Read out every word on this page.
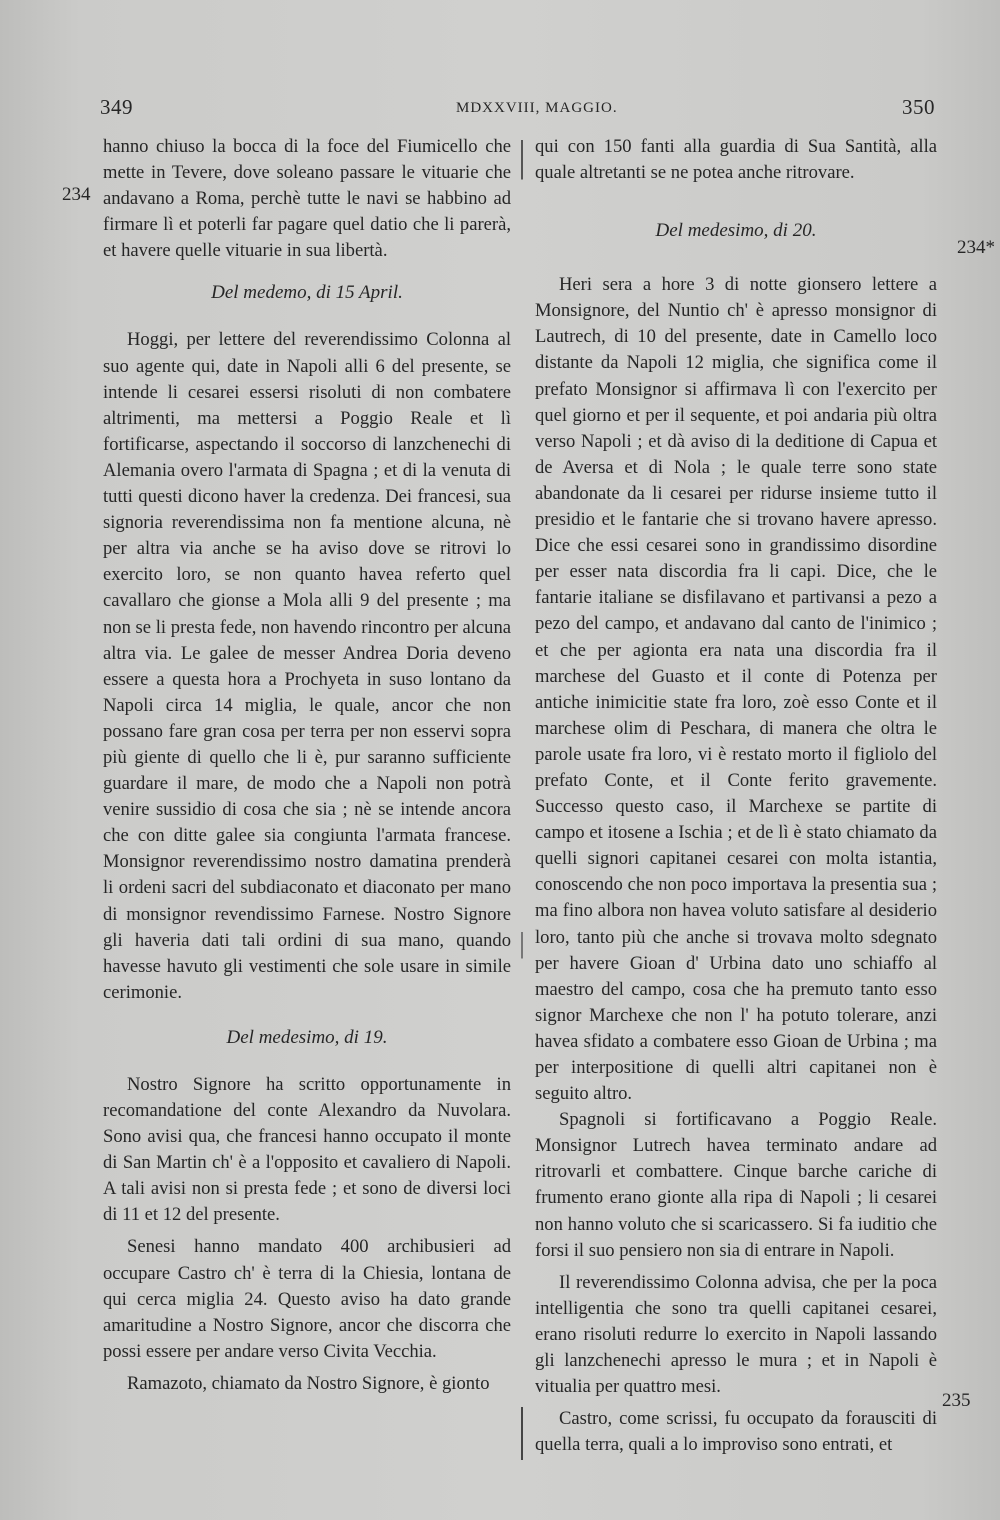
349	MDXXVIII, MAGGIO.	350
234
234*
235

hanno chiuso la bocca di la foce del Fiumicello che mette in Tevere, dove soleano passare le vituarie che andavano a Roma, perchè tutte le navi se habbino ad firmare lì et poterli far pagare quel datio che li parerà, et havere quelle vituarie in sua libertà.

Del medemo, di 15 April.

Hoggi, per lettere del reverendissimo Colonna al suo agente qui, date in Napoli alli 6 del presente, se intende li cesarei essersi risoluti di non combatere altrimenti, ma mettersi a Poggio Reale et lì fortificarse, aspectando il soccorso di lanzchenechi di Alemania overo l'armata di Spagna ; et di la venuta di tutti questi dicono haver la credenza. Dei francesi, sua signoria reverendissima non fa mentione alcuna, nè per altra via anche se ha aviso dove se ritrovi lo exercito loro, se non quanto havea referto quel cavallaro che gionse a Mola alli 9 del presente ; ma non se li presta fede, non havendo rincontro per alcuna altra via. Le galee de messer Andrea Doria deveno essere a questa hora a Prochyeta in suso lontano da Napoli circa 14 miglia, le quale, ancor che non possano fare gran cosa per terra per non esservi sopra più giente di quello che li è, pur saranno sufficiente guardare il mare, de modo che a Napoli non potrà venire sussidio di cosa che sia ; nè se intende ancora che con ditte galee sia congiunta l'armata francese. Monsignor reverendissimo nostro damatina prenderà li ordeni sacri del subdiaconato et diaconato per mano di monsignor revendissimo Farnese. Nostro Signore gli haveria dati tali ordini di sua mano, quando havesse havuto gli vestimenti che sole usare in simile cerimonie.

Del medesimo, di 19.

Nostro Signore ha scritto opportunamente in recomandatione del conte Alexandro da Nuvolara. Sono avisi qua, che francesi hanno occupato il monte di San Martin ch' è a l'opposito et cavaliero di Napoli. A tali avisi non si presta fede ; et sono de diversi loci di 11 et 12 del presente.

Senesi hanno mandato 400 archibusieri ad occupare Castro ch' è terra di la Chiesia, lontana de qui cerca miglia 24. Questo aviso ha dato grande amaritudine a Nostro Signore, ancor che discorra che possi essere per andare verso Civita Vecchia.

Ramazoto, chiamato da Nostro Signore, è gionto

qui con 150 fanti alla guardia di Sua Santità, alla quale altretanti se ne potea anche ritrovare.

Del medesimo, di 20.

Heri sera a hore 3 di notte gionsero lettere a Monsignore, del Nuntio ch' è apresso monsignor di Lautrech, di 10 del presente, date in Camello loco distante da Napoli 12 miglia, che significa come il prefato Monsignor si affirmava lì con l'exercito per quel giorno et per il sequente, et poi andaria più oltra verso Napoli ; et dà aviso di la deditione di Capua et de Aversa et di Nola ; le quale terre sono state abandonate da li cesarei per ridurse insieme tutto il presidio et le fantarie che si trovano havere apresso. Dice che essi cesarei sono in grandissimo disordine per esser nata discordia fra li capi. Dice, che le fantarie italiane se disfilavano et partivansi a pezo a pezo del campo, et andavano dal canto de l'inimico ; et che per agionta era nata una discordia fra il marchese del Guasto et il conte di Potenza per antiche inimicitie state fra loro, zoè esso Conte et il marchese olim di Peschara, di manera che oltra le parole usate fra loro, vi è restato morto il figliolo del prefato Conte, et il Conte ferito gravemente. Successo questo caso, il Marchexe se partite di campo et itosene a Ischia ; et de lì è stato chiamato da quelli signori capitanei cesarei con molta istantia, conoscendo che non poco importava la presentia sua ; ma fino albora non havea voluto satisfare al desiderio loro, tanto più che anche si trovava molto sdegnato per havere Gioan d' Urbina dato uno schiaffo al maestro del campo, cosa che ha premuto tanto esso signor Marchexe che non l' ha potuto tolerare, anzi havea sfidato a combatere esso Gioan de Urbina ; ma per interpositione di quelli altri capitanei non è seguito altro.

Spagnoli si fortificavano a Poggio Reale. Monsignor Lutrech havea terminato andare ad ritrovarli et combattere. Cinque barche cariche di frumento erano gionte alla ripa di Napoli ; li cesarei non hanno voluto che si scaricassero. Si fa iuditio che forsi il suo pensiero non sia di entrare in Napoli.

Il reverendissimo Colonna advisa, che per la poca intelligentia che sono tra quelli capitanei cesarei, erano risoluti redurre lo exercito in Napoli lassando gli lanzchenechi apresso le mura ; et in Napoli è vitualia per quattro mesi.

Castro, come scrissi, fu occupato da forausciti di quella terra, quali a lo improviso sono entrati, et
